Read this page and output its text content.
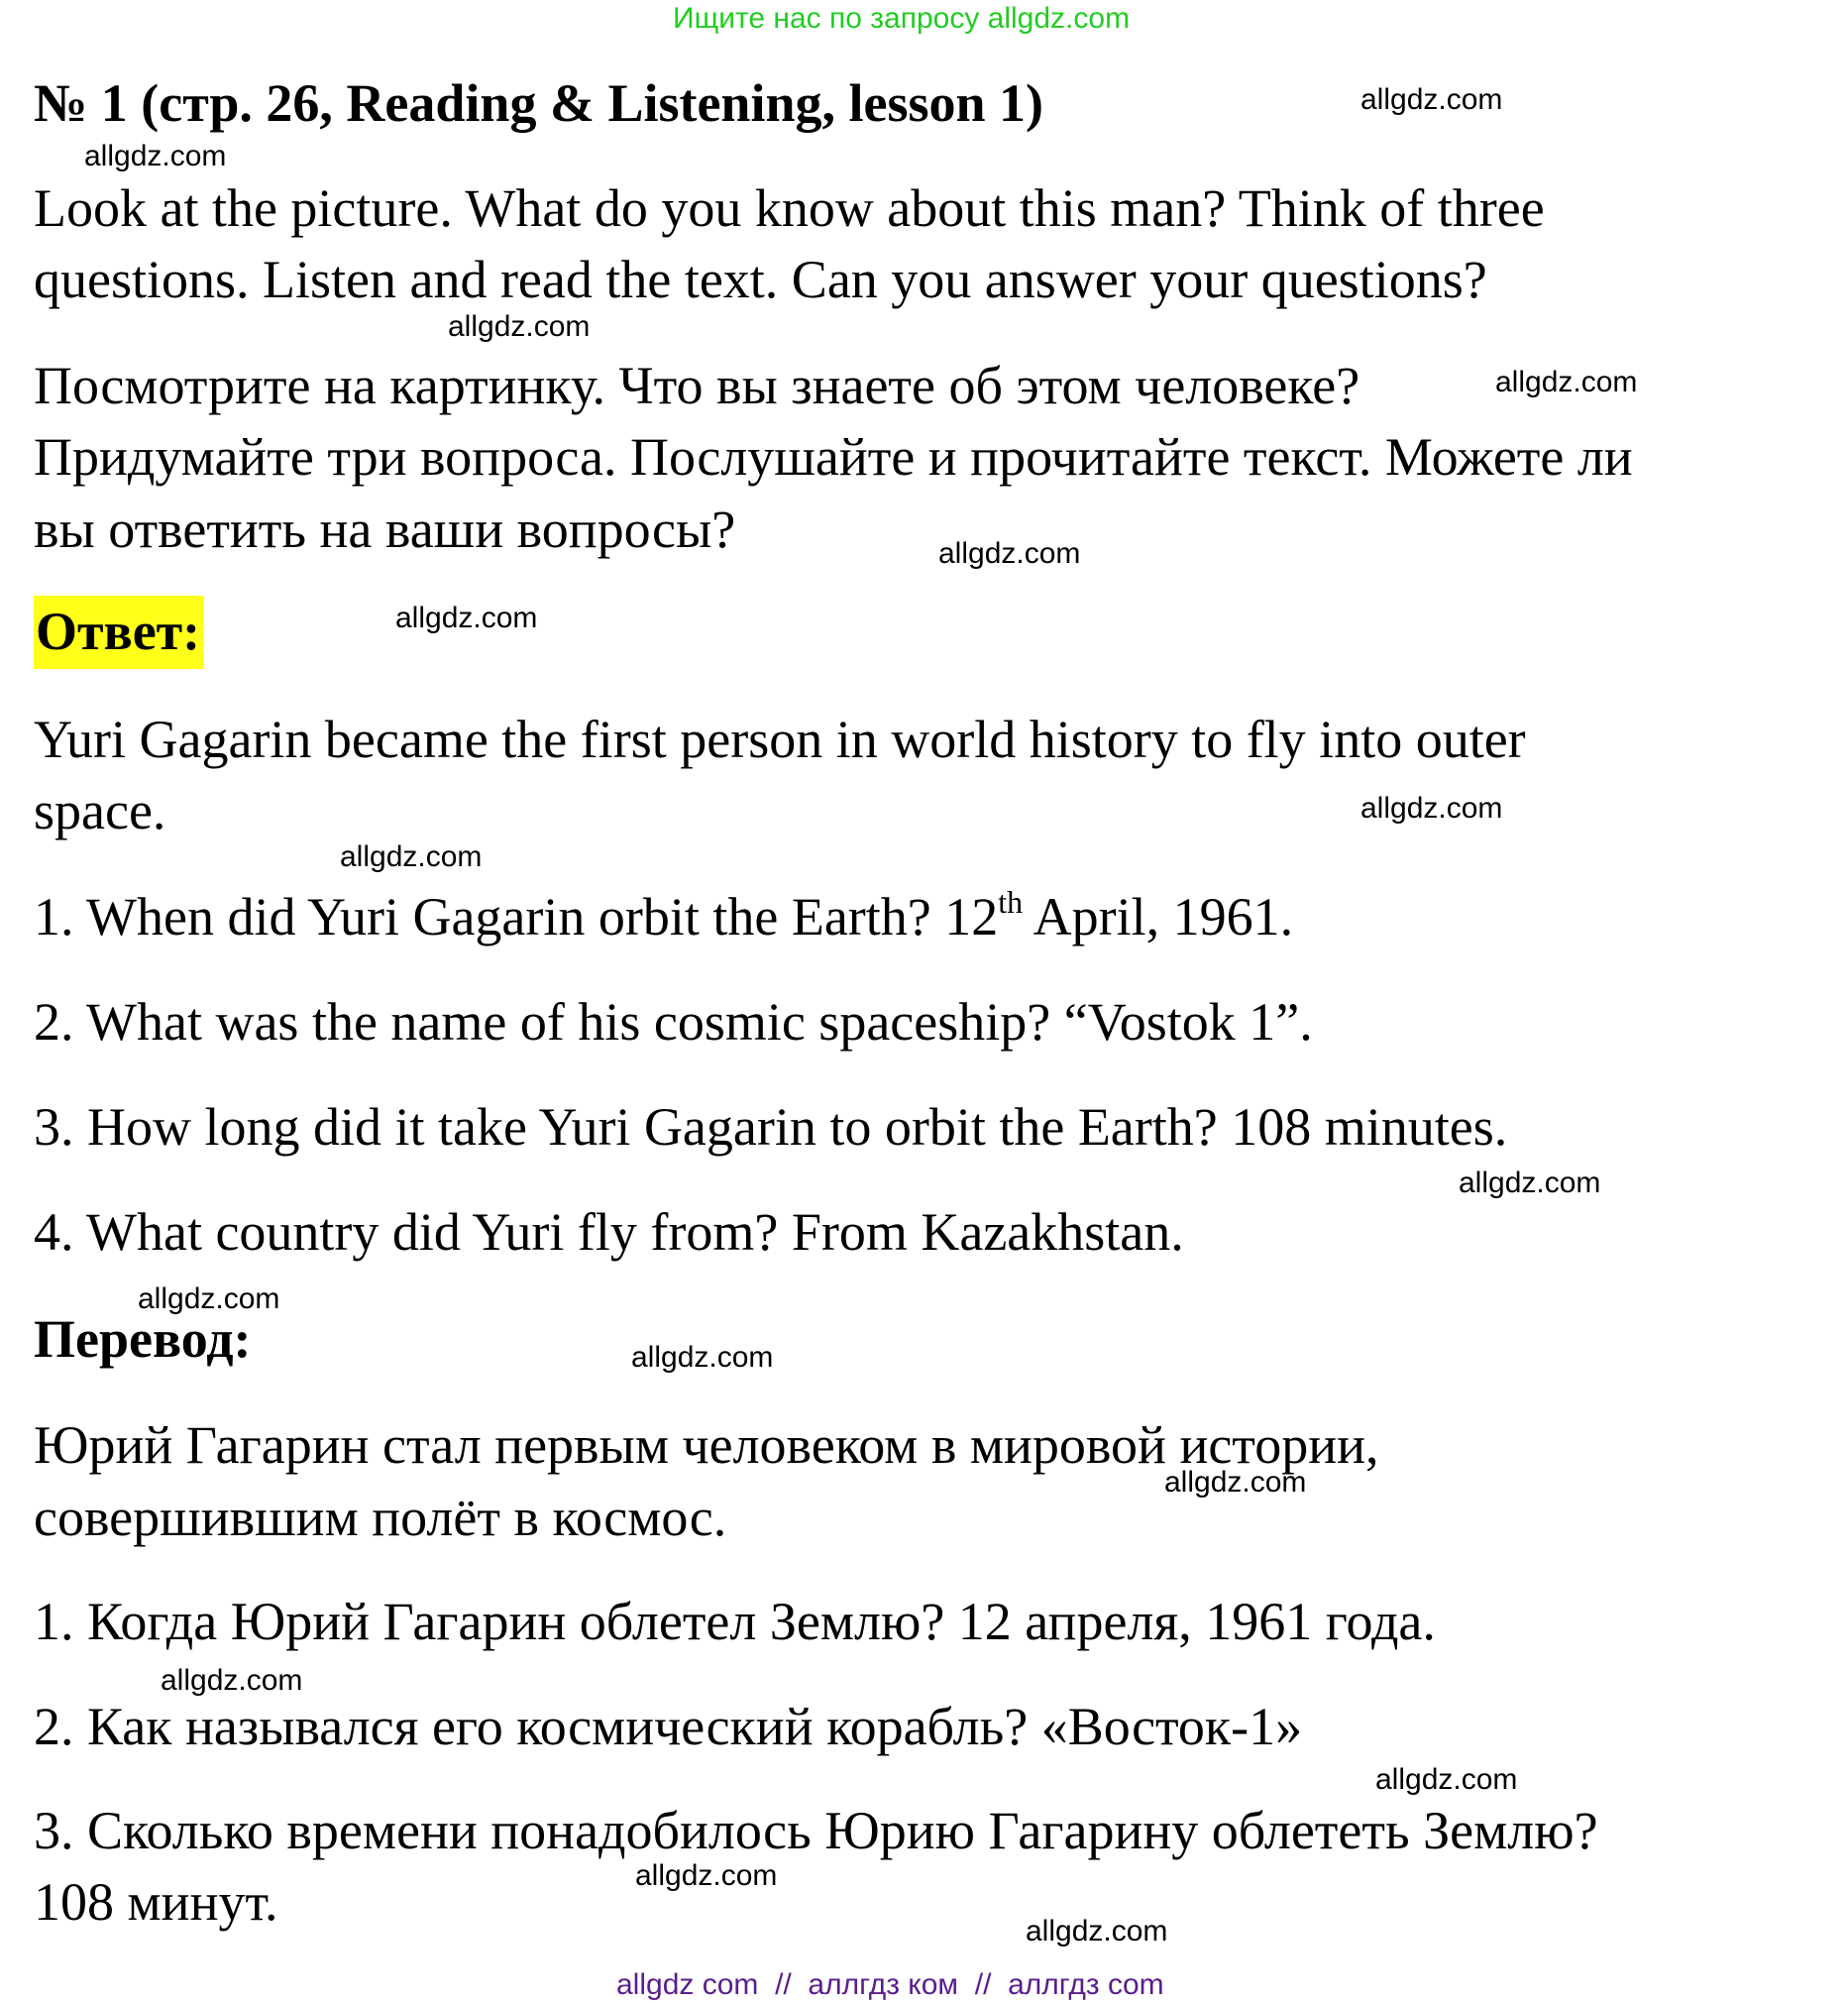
Ищите нас по запросу allgdz.com
№ 1 (стр. 26, Reading & Listening, lesson 1)
Look at the picture. What do you know about this man? Think of three
questions. Listen and read the text. Can you answer your questions?
Посмотрите на картинку. Что вы знаете об этом человеке?
Придумайте три вопроса. Послушайте и прочитайте текст. Можете ли
вы ответить на ваши вопросы?
Ответ:
Yuri Gagarin became the first person in world history to fly into outer
space.
1. When did Yuri Gagarin orbit the Earth? 12th April, 1961.
2. What was the name of his cosmic spaceship? “Vostok 1”.
3. How long did it take Yuri Gagarin to orbit the Earth? 108 minutes.
4. What country did Yuri fly from? From Kazakhstan.
Перевод:
Юрий Гагарин стал первым человеком в мировой истории,
совершившим полёт в космос.
1. Когда Юрий Гагарин облетел Землю? 12 апреля, 1961 года.
2. Как назывался его космический корабль? «Восток-1»
3. Сколько времени понадобилось Юрию Гагарину облететь Землю?
108 минут.
allgdz.com
allgdz.com
allgdz.com
allgdz.com
allgdz.com
allgdz.com
allgdz.com
allgdz.com
allgdz.com
allgdz.com
allgdz.com
allgdz.com
allgdz.com
allgdz.com
allgdz.com
allgdz.com
allgdz com  //  аллгдз ком  //  аллгдз com
